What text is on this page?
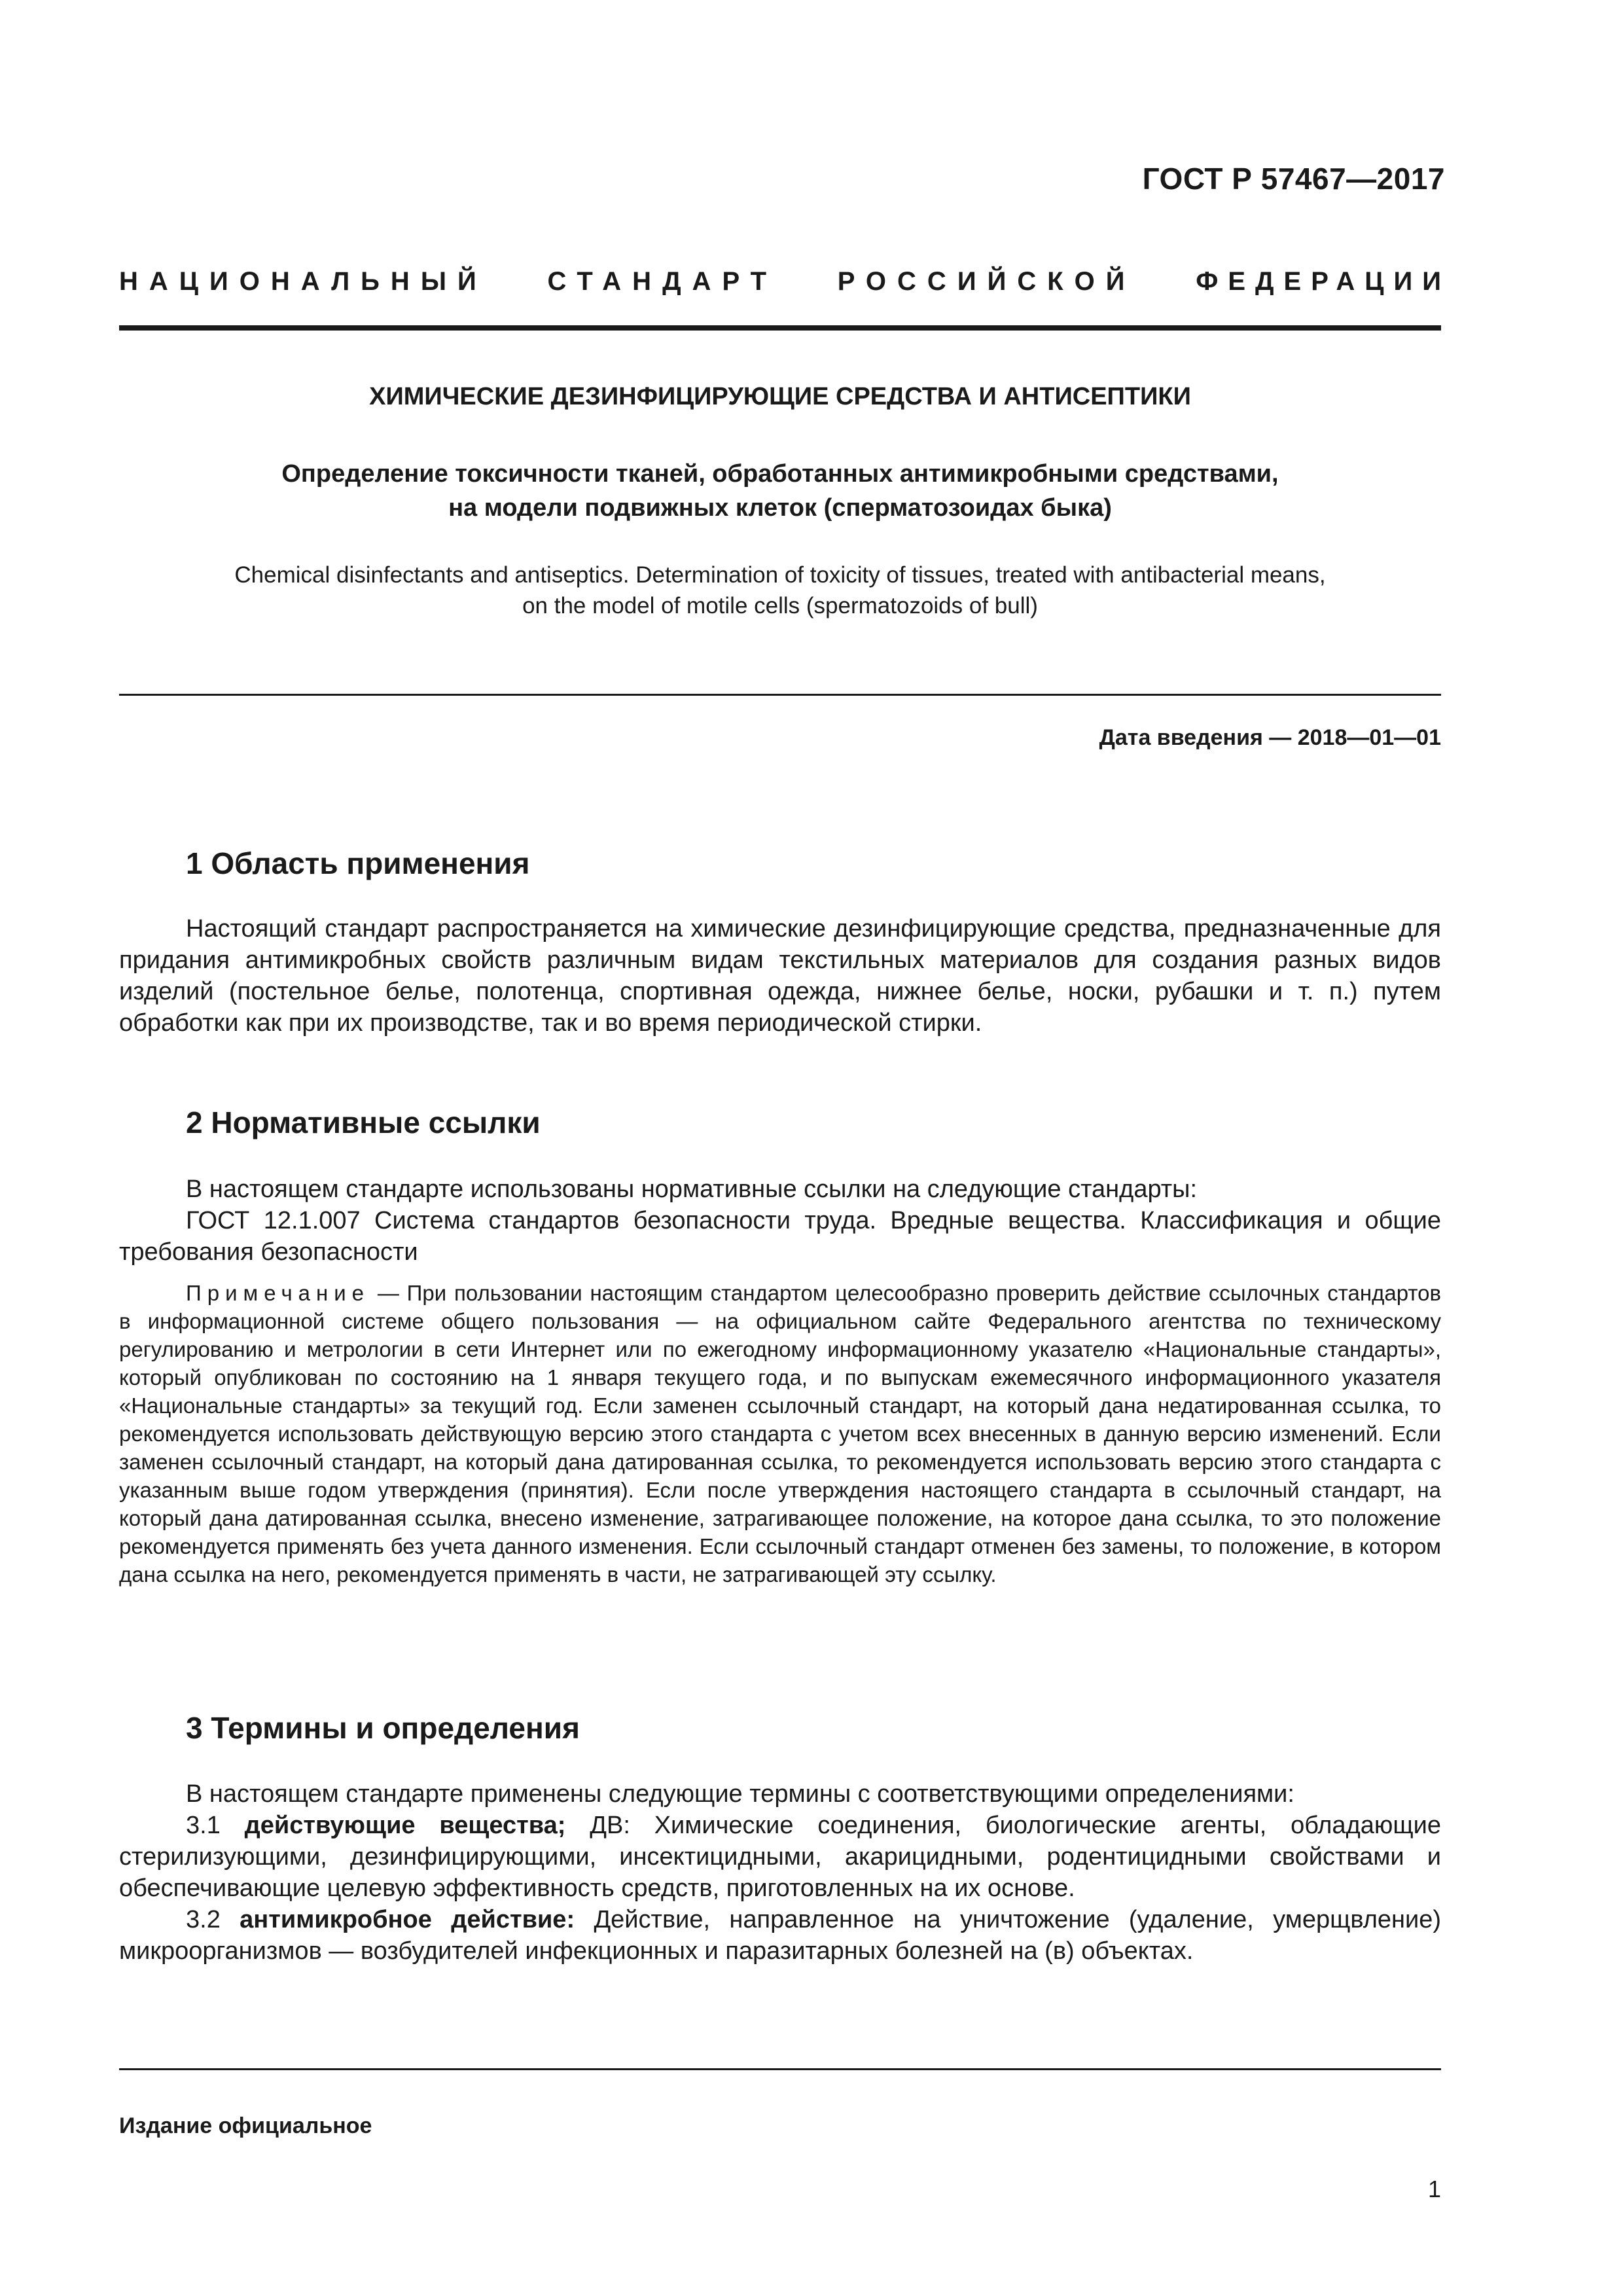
ГОСТ Р 57467—2017
НАЦИОНАЛЬНЫЙ СТАНДАРТ РОССИЙСКОЙ ФЕДЕРАЦИИ
ХИМИЧЕСКИЕ ДЕЗИНФИЦИРУЮЩИЕ СРЕДСТВА И АНТИСЕПТИКИ
Определение токсичности тканей, обработанных антимикробными средствами,
на модели подвижных клеток (сперматозоидах быка)
Chemical disinfectants and antiseptics. Determination of toxicity of tissues, treated with antibacterial means,
on the model of motile cells (spermatozoids of bull)
Дата введения — 2018—01—01
1 Область применения

Настоящий стандарт распространяется на химические дезинфицирующие средства, предназначенные для придания антимикробных свойств различным видам текстильных материалов для создания разных видов изделий (постельное белье, полотенца, спортивная одежда, нижнее белье, носки, рубашки и т. п.) путем обработки как при их производстве, так и во время периодической стирки.

2 Нормативные ссылки

В настоящем стандарте использованы нормативные ссылки на следующие стандарты:

ГОСТ 12.1.007 Система стандартов безопасности труда. Вредные вещества. Классификация и общие требования безопасности

Примечание — При пользовании настоящим стандартом целесообразно проверить действие ссылочных стандартов в информационной системе общего пользования — на официальном сайте Федерального агентства по техническому регулированию и метрологии в сети Интернет или по ежегодному информационному указателю «Национальные стандарты», который опубликован по состоянию на 1 января текущего года, и по выпускам ежемесячного информационного указателя «Национальные стандарты» за текущий год. Если заменен ссылочный стандарт, на который дана недатированная ссылка, то рекомендуется использовать действующую версию этого стандарта с учетом всех внесенных в данную версию изменений. Если заменен ссылочный стандарт, на который дана датированная ссылка, то рекомендуется использовать версию этого стандарта с указанным выше годом утверждения (принятия). Если после утверждения настоящего стандарта в ссылочный стандарт, на который дана датированная ссылка, внесено изменение, затрагивающее положение, на которое дана ссылка, то это положение рекомендуется применять без учета данного изменения. Если ссылочный стандарт отменен без замены, то положение, в котором дана ссылка на него, рекомендуется применять в части, не затрагивающей эту ссылку.

3 Термины и определения

В настоящем стандарте применены следующие термины с соответствующими определениями:

3.1 действующие вещества; ДВ: Химические соединения, биологические агенты, обладающие стерилизующими, дезинфицирующими, инсектицидными, акарицидными, родентицидными свойствами и обеспечивающие целевую эффективность средств, приготовленных на их основе.

3.2 антимикробное действие: Действие, направленное на уничтожение (удаление, умерщвление) микроорганизмов — возбудителей инфекционных и паразитарных болезней на (в) объектах.

Издание официальное
1
